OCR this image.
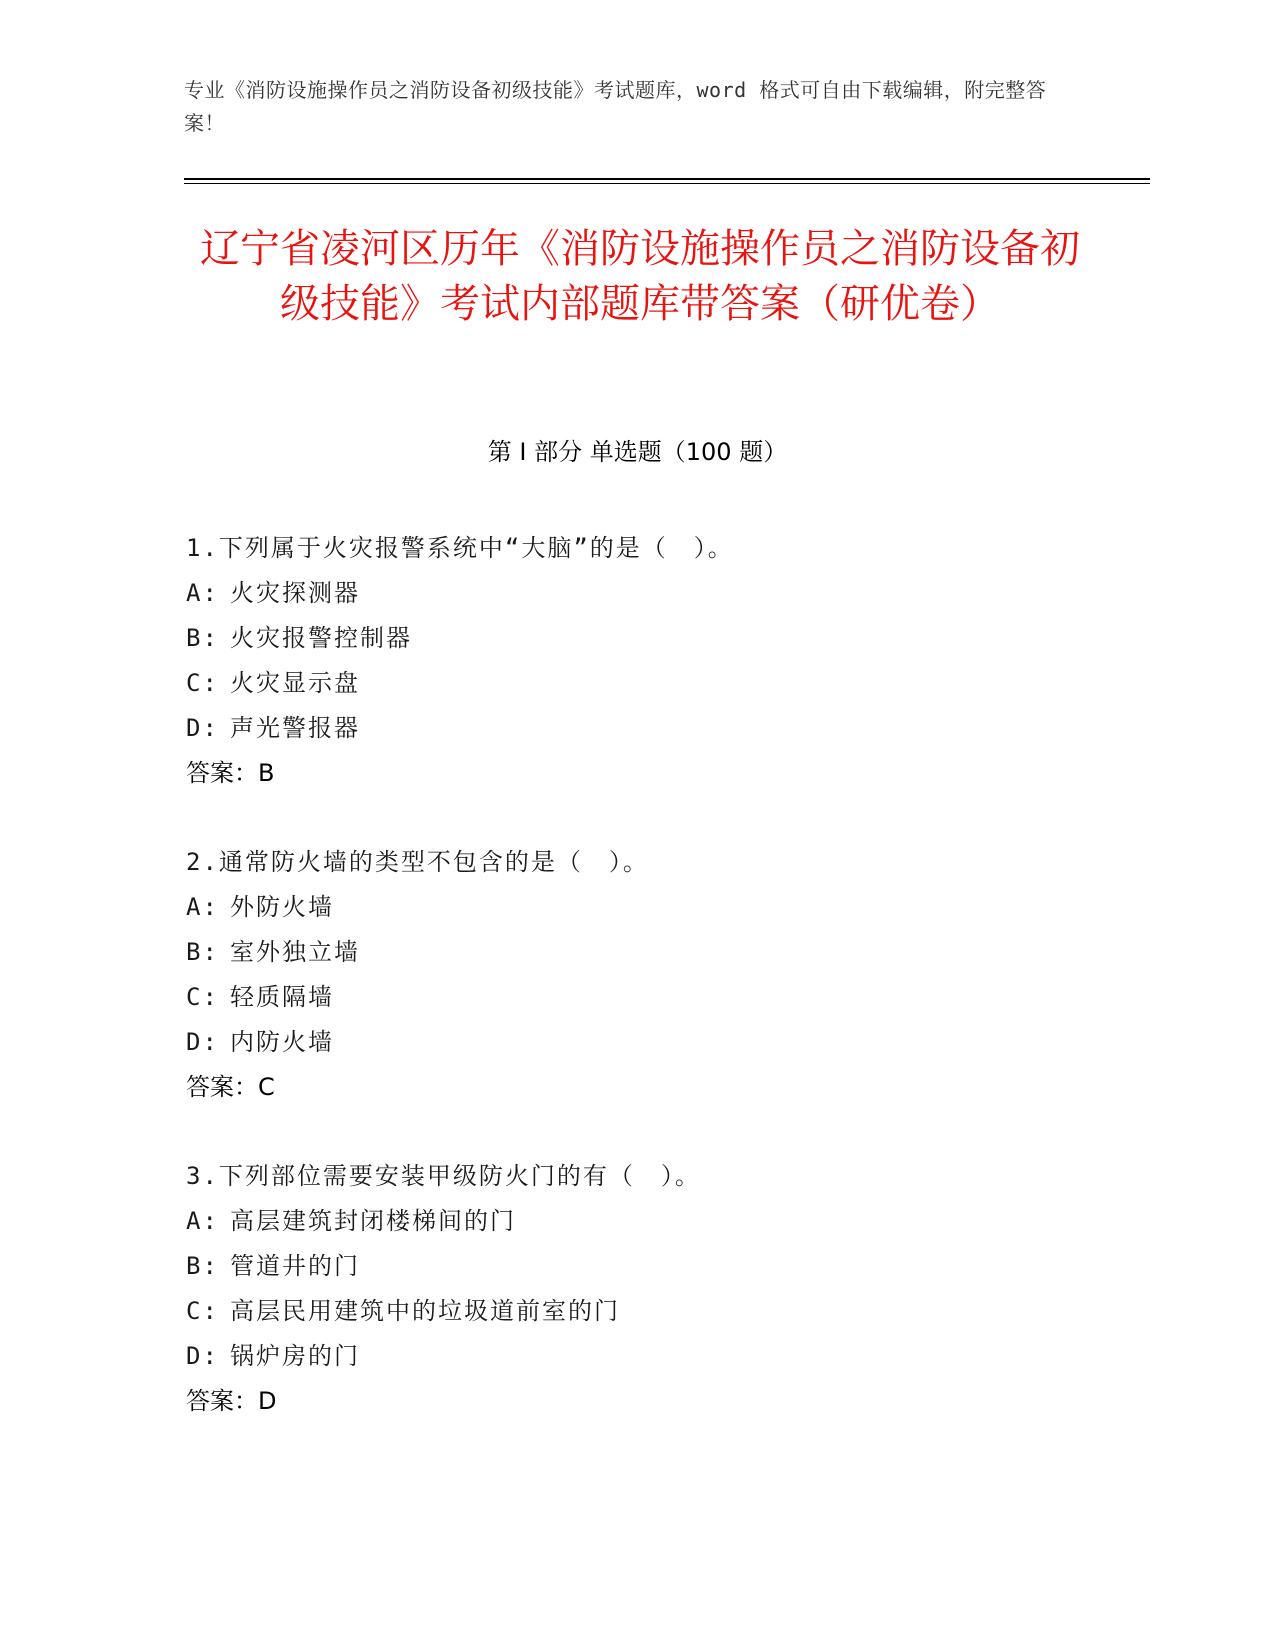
专业《消防设施操作员之消防设备初级技能》考试题库，word 格式可自由下载编辑，附完整答案！
辽宁省凌河区历年《消防设施操作员之消防设备初级技能》考试内部题库带答案（研优卷）
第 I 部分 单选题（100 题）
1.下列属于火灾报警系统中“大脑”的是（　）。
A: 火灾探测器
B: 火灾报警控制器
C: 火灾显示盘
D: 声光警报器
答案：B
2.通常防火墙的类型不包含的是（　）。
A: 外防火墙
B: 室外独立墙
C: 轻质隔墙
D: 内防火墙
答案：C
3.下列部位需要安装甲级防火门的有（　）。
A: 高层建筑封闭楼梯间的门
B: 管道井的门
C: 高层民用建筑中的垃圾道前室的门
D: 锅炉房的门
答案：D
